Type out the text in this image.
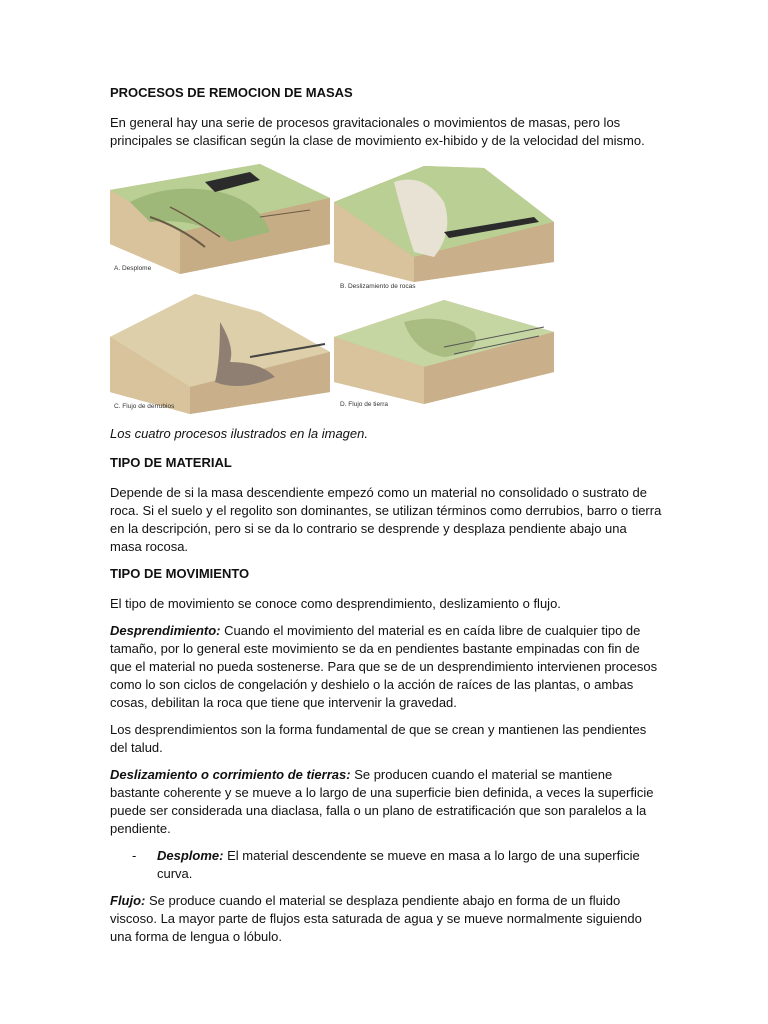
PROCESOS DE REMOCION DE MASAS

En general hay una serie de procesos gravitacionales o movimientos de masas, pero los principales se clasifican según la clase de movimiento ex-hibido y de la velocidad del mismo.

A. Desplome
B. Deslizamiento de rocas
C. Flujo de derrubios	D. Flujo de tierra

Los cuatro procesos ilustrados en la imagen.

TIPO DE MATERIAL

Depende de si la masa descendiente empezó como un material no consolidado o sustrato de roca. Si el suelo y el regolito son dominantes, se utilizan términos como derrubios, barro o tierra en la descripción, pero si se da lo contrario se desprende y desplaza pendiente abajo una masa rocosa.

TIPO DE MOVIMIENTO

El tipo de movimiento se conoce como desprendimiento, deslizamiento o flujo.

Desprendimiento: Cuando el movimiento del material es en caída libre de cualquier tipo de tamaño, por lo general este movimiento se da en pendientes bastante empinadas con fin de que el material no pueda sostenerse. Para que se de un desprendimiento intervienen procesos como lo son ciclos de congelación y deshielo o la acción de raíces de las plantas, o ambas cosas, debilitan la roca que tiene que intervenir la gravedad.

Los desprendimientos son la forma fundamental de que se crean y mantienen las pendientes del talud.

Deslizamiento o corrimiento de tierras: Se producen cuando el material se mantiene bastante coherente y se mueve a lo largo de una superficie bien definida, a veces la superficie puede ser considerada una diaclasa, falla o un plano de estratificación que son paralelos a la pendiente.

- Desplome: El material descendente se mueve en masa a lo largo de una superficie curva.

Flujo: Se produce cuando el material se desplaza pendiente abajo en forma de un fluido viscoso. La mayor parte de flujos esta saturada de agua y se mueve normalmente siguiendo una forma de lengua o lóbulo.
